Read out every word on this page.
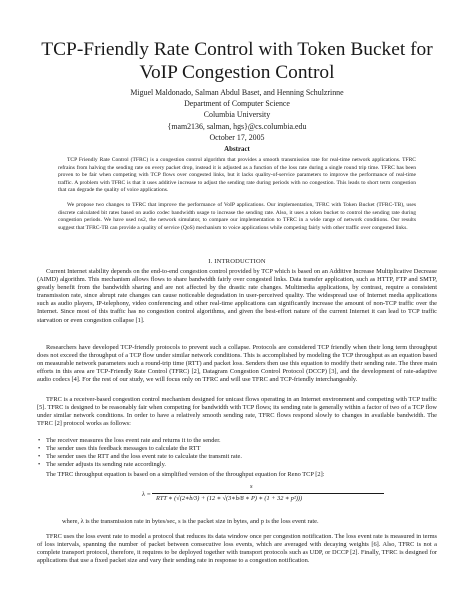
TCP-Friendly Rate Control with Token Bucket for
VoIP Congestion Control
Miguel Maldonado, Salman Abdul Baset, and Henning Schulzrinne
Department of Computer Science
Columbia University
{mam2136, salman, hgs}@cs.columbia.edu
October 17, 2005
Abstract

TCP Friendly Rate Control (TFRC) is a congestion control algorithm that provides a smooth transmission rate for real-time network applications. TFRC refrains from halving the sending rate on every packet drop, instead it is adjusted as a function of the loss rate during a single round trip time. TFRC has been proven to be fair when competing with TCP flows over congested links, but it lacks quality-of-service parameters to improve the performance of real-time traffic. A problem with TFRC is that it uses additive increase to adjust the sending rate during periods with no congestion. This leads to short term congestion that can degrade the quality of voice applications.

We propose two changes to TFRC that improve the performance of VoIP applications. Our implementation, TFRC with Token Bucket (TFRC-TB), uses discrete calculated bit rates based on audio codec bandwidth usage to increase the sending rate. Also, it uses a token bucket to control the sending rate during congestion periods. We have used ns2, the network simulator, to compare our implementation to TFRC in a wide range of network conditions. Our results suggest that TFRC-TB can provide a quality of service (QoS) mechanism to voice applications while competing fairly with other traffic over congested links.

I. INTRODUCTION

Current Internet stability depends on the end-to-end congestion control provided by TCP which is based on an Additive Increase Multiplicative Decrease (AIMD) algorithm. This mechanism allows flows to share bandwidth fairly over congested links. Data transfer application, such as HTTP, FTP and SMTP, greatly benefit from the bandwidth sharing and are not affected by the drastic rate changes. Multimedia applications, by contrast, require a consistent transmission rate, since abrupt rate changes can cause noticeable degradation in user-perceived quality. The widespread use of Internet media applications such as audio players, IP-telephony, video conferencing and other real-time applications can significantly increase the amount of non-TCP traffic over the Internet. Since most of this traffic has no congestion control algorithms, and given the best-effort nature of the current Internet it can lead to TCP traffic starvation or even congestion collapse [1].

Researchers have developed TCP-friendly protocols to prevent such a collapse. Protocols are considered TCP friendly when their long term throughput does not exceed the throughput of a TCP flow under similar network conditions. This is accomplished by modeling the TCP throughput as an equation based on measurable network parameters such a round-trip time (RTT) and packet loss. Senders then use this equation to modify their sending rate. The three main efforts in this area are TCP-Friendly Rate Control (TFRC) [2], Datagram Congestion Control Protocol (DCCP) [3], and the development of rate-adaptive audio codecs [4]. For the rest of our study, we will focus only on TFRC and will use TFRC and TCP-friendly interchangeably.

TFRC is a receiver-based congestion control mechanism designed for unicast flows operating in an Internet environment and competing with TCP traffic [5]. TFRC is designed to be reasonably fair when competing for bandwidth with TCP flows; its sending rate is generally within a factor of two of a TCP flow under similar network conditions. In order to have a relatively smooth sending rate, TFRC flows respond slowly to changes in available bandwidth. The TFRC [2] protocol works as follows:

• The receiver measures the loss event rate and returns it to the sender.
• The sender uses this feedback messages to calculate the RTT
• The sender uses the RTT and the loss event rate to calculate the transmit rate.
• The sender adjusts its sending rate accordingly.

The TFRC throughput equation is based on a simplified version of the throughput equation for Reno TCP [2]:

λ =
s
RTT ∗ (√(2∗b/3) + (12 ∗ √(3∗b/8 ∗ P) ∗ (1 + 32 ∗ p²)))
where, λ is the transmission rate in bytes/sec, s is the packet size in bytes, and p is the loss event rate.

TFRC uses the loss event rate to model a protocol that reduces its data window once per congestion notification. The loss event rate is measured in terms of loss intervals, spanning the number of packet between consecutive loss events, which are averaged with decaying weights [6]. Also, TFRC is not a complete transport protocol, therefore, it requires to be deployed together with transport protocols such as UDP, or DCCP [2]. Finally, TFRC is designed for applications that use a fixed packet size and vary their sending rate in response to a congestion notification.
